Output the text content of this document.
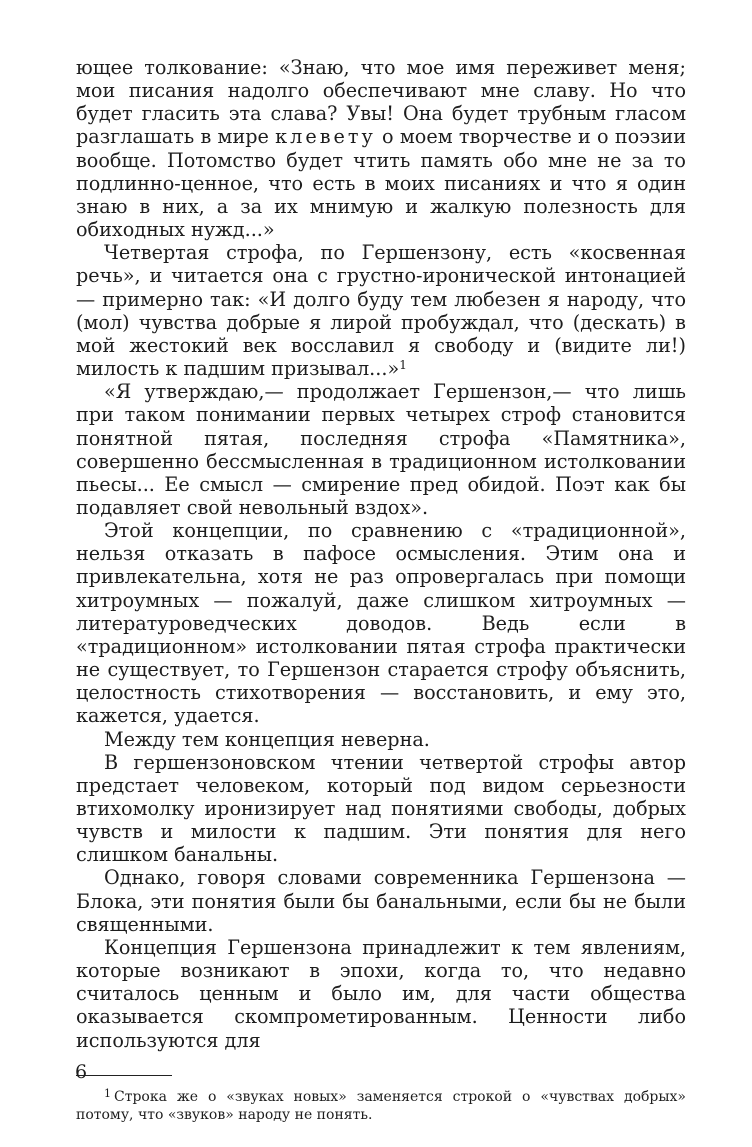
ющее толкование: «Знаю, что мое имя переживет меня; мои писания надолго обеспечивают мне славу. Но что будет гласить эта слава? Увы! Она будет трубным гласом разглашать в мире клевету о моем творчестве и о поэзии вообще. Потомство будет чтить память обо мне не за то подлинно-ценное, что есть в моих писаниях и что я один знаю в них, а за их мнимую и жалкую полезность для обиходных нужд...»

Четвертая строфа, по Гершензону, есть «косвенная речь», и читается она с грустно-иронической интонацией — примерно так: «И долго буду тем любезен я народу, что (мол) чувства добрые я лирой пробуждал, что (дескать) в мой жестокий век восславил я свободу и (видите ли!) милость к падшим призывал...»$^1$

«Я утверждаю,— продолжает Гершензон,— что лишь при таком понимании первых четырех строф становится понятной пятая, последняя строфа «Памятника», совершенно бессмысленная в традиционном истолковании пьесы... Ее смысл — смирение пред обидой. Поэт как бы подавляет свой невольный вздох».

Этой концепции, по сравнению с «традиционной», нельзя отказать в пафосе осмысления. Этим она и привлекательна, хотя не раз опровергалась при помощи хитроумных — пожалуй, даже слишком хитроумных — литературоведческих доводов. Ведь если в «традиционном» истолковании пятая строфа практически не существует, то Гершензон старается строфу объяснить, целостность стихотворения — восстановить, и ему это, кажется, удается.

Между тем концепция неверна.

В гершензоновском чтении четвертой строфы автор предстает человеком, который под видом серьезности втихомолку иронизирует над понятиями свободы, добрых чувств и милости к падшим. Эти понятия для него слишком банальны.

Однако, говоря словами современника Гершензона — Блока, эти понятия были бы банальными, если бы не были священными.

Концепция Гершензона принадлежит к тем явлениям, которые возникают в эпохи, когда то, что недавно считалось ценным и было им, для части общества оказывается скомпрометированным. Ценности либо используются для

$^1$ Строка же о «звуках новых» заменяется строкой о «чувствах добрых» потому, что «звуков» народу не понять.

6
